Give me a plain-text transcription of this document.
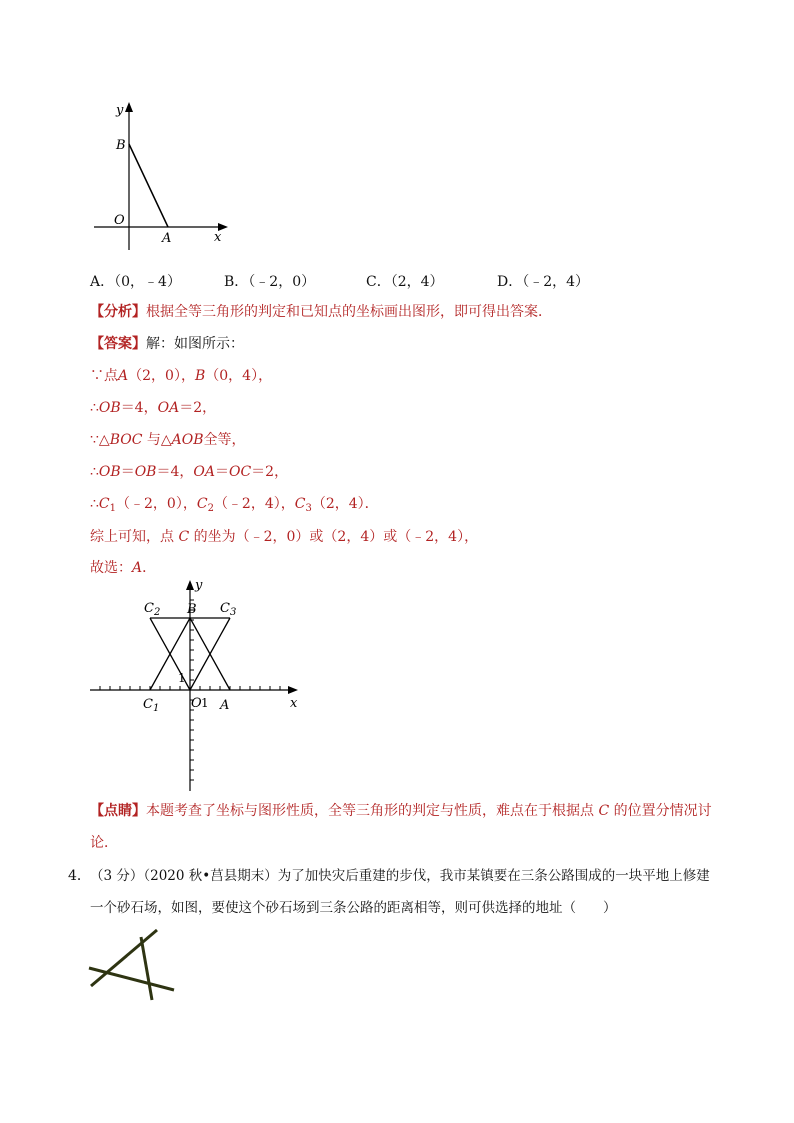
y
B
O
A	x
A．（0，﹣4）	B．（﹣2，0）	C．（2，4）	D．（﹣2，4）
【分析】根据全等三角形的判定和已知点的坐标画出图形，即可得出答案．
【答案】解：如图所示：
∵点A（2，0），B（0，4），
∴OB＝4，OA＝2，
∵△BOC 与△AOB全等，
∴OB＝OB＝4，OA＝OC＝2，
$\therefore C_1(﹣2$，0），$C_2(﹣2$，4），$C_3(2$，4）．
综上可知，点 C 的坐为（﹣2，0）或（2，4）或（﹣2，4），
故选：A．
y
$C_2$ B $C_3$
1
$C_1$ O 1 A	x
【点睛】本题考查了坐标与图形性质，全等三角形的判定与性质，难点在于根据点 C 的位置分情况讨
论．
4． （3 分）（2020 秋•莒县期末）为了加快灾后重建的步伐，我市某镇要在三条公路围成的一块平地上修建
一个砂石场，如图，要使这个砂石场到三条公路的距离相等，则可供选择的地址（　　）
